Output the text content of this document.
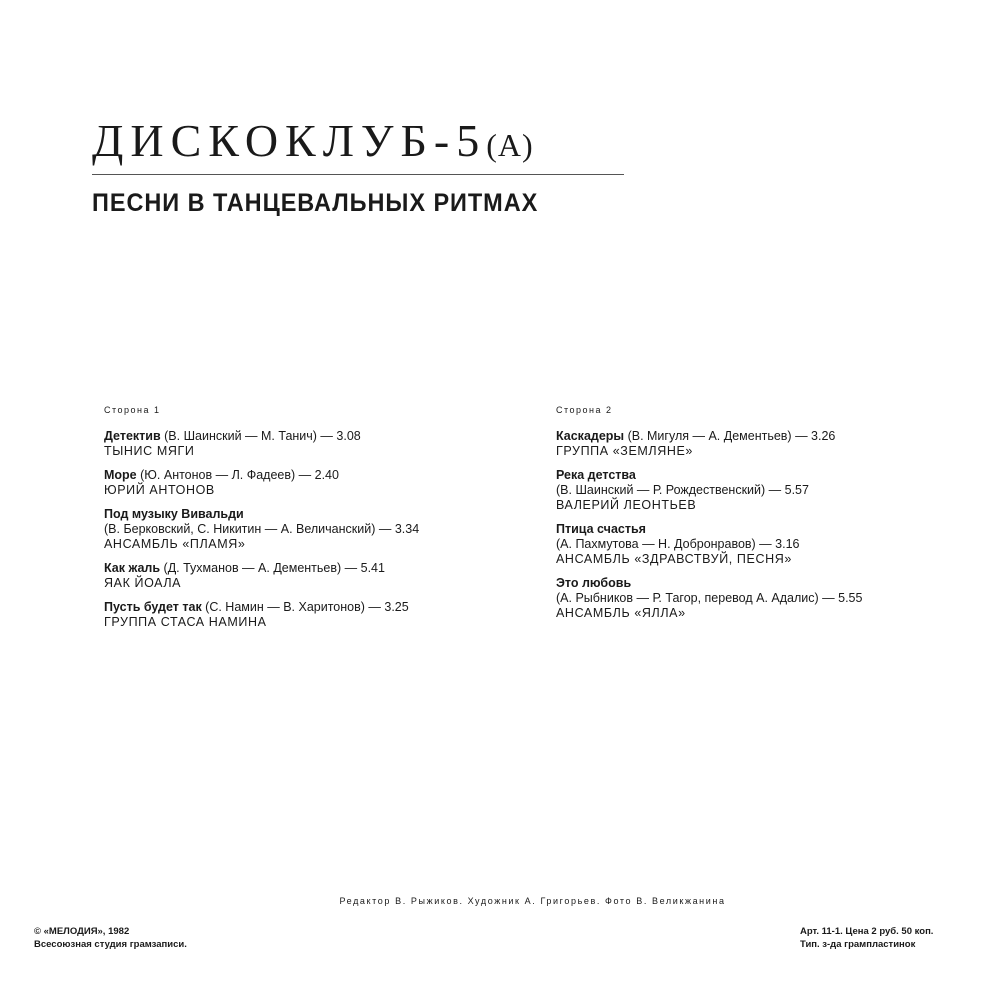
ДИСКОКЛУБ-5(А)
ПЕСНИ В ТАНЦЕВАЛЬНЫХ РИТМАХ
Сторона 1
Детектив (В. Шаинский — М. Танич) — 3.08
ТЫНИС МЯГИ
Море (Ю. Антонов — Л. Фадеев) — 2.40
ЮРИЙ АНТОНОВ
Под музыку Вивальди
(В. Берковский, С. Никитин — А. Величанский) — 3.34
АНСАМБЛЬ «ПЛАМЯ»
Как жаль (Д. Тухманов — А. Дементьев) — 5.41
ЯАК ЙОАЛА
Пусть будет так (С. Намин — В. Харитонов) — 3.25
ГРУППА СТАСА НАМИНА
Сторона 2
Каскадеры (В. Мигуля — А. Дементьев) — 3.26
ГРУППА «ЗЕМЛЯНЕ»
Река детства
(В. Шаинский — Р. Рождественский) — 5.57
ВАЛЕРИЙ ЛЕОНТЬЕВ
Птица счастья
(А. Пахмутова — Н. Добронравов) — 3.16
АНСАМБЛЬ «ЗДРАВСТВУЙ, ПЕСНЯ»
Это любовь
(А. Рыбников — Р. Тагор, перевод А. Адалис) — 5.55
АНСАМБЛЬ «ЯЛЛА»
Редактор В. Рыжиков. Художник А. Григорьев. Фото В. Великжанина
© «МЕЛОДИЯ», 1982
Всесоюзная студия грамзаписи.
Арт. 11-1. Цена 2 руб. 50 коп.
Тип. з-да грампластинок
